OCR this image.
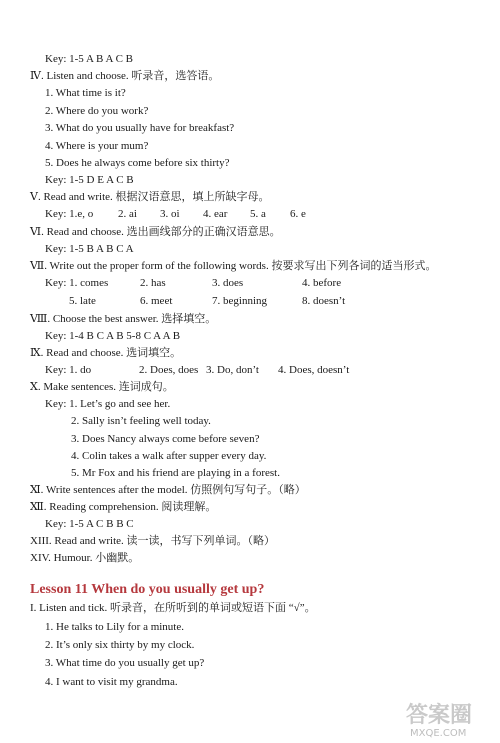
Key: 1-5 A B A C B
Ⅳ. Listen and choose. 听录音，选答语。
1. What time is it?
2. Where do you work?
3. What do you usually have for breakfast?
4. Where is your mum?
5. Does he always come before six thirty?
Key: 1-5 D E A C B
Ⅴ. Read and write. 根据汉语意思，填上所缺字母。
Ⅵ. Read and choose. 选出画线部分的正确汉语意思。
Key: 1-5 B A B C A
Ⅶ. Write out the proper form of the following words. 按要求写出下列各词的适当形式。
Ⅷ. Choose the best answer. 选择填空。
Key: 1-4 B C A B 5-8 C A A B
Ⅸ. Read and choose. 选词填空。
Ⅹ. Make sentences. 连词成句。
Key: 1. Let’s go and see her.
2. Sally isn’t feeling well today.
3. Does Nancy always come before seven?
4. Colin takes a walk after supper every day.
5. Mr Fox and his friend are playing in a forest.
Ⅺ. Write sentences after the model. 仿照例句写句子。（略）
Ⅻ. Reading comprehension. 阅读理解。
Key: 1-5 A C B B C
XIII. Read and write. 读一读，书写下列单词。（略）
XIV. Humour. 小幽默。
I. Listen and tick. 听录音，在所听到的单词或短语下面 “√”。
1. He talks to Lily for a minute.
2. It’s only six thirty by my clock.
3. What time do you usually get up?
4. I want to visit my grandma.
Key: 1.e, o 2. ai 3. oi 4. ear 5. a 6. e
Key: 1. comes	2. has	3. does	4. before
5. late	6. meet	7. beginning	8. doesn’t
Key: 1. do	2. Does, does 3. Do, don’t 4. Does, doesn’t
Lesson 11 When do you usually get up?
答案圈
MXQE.COM
